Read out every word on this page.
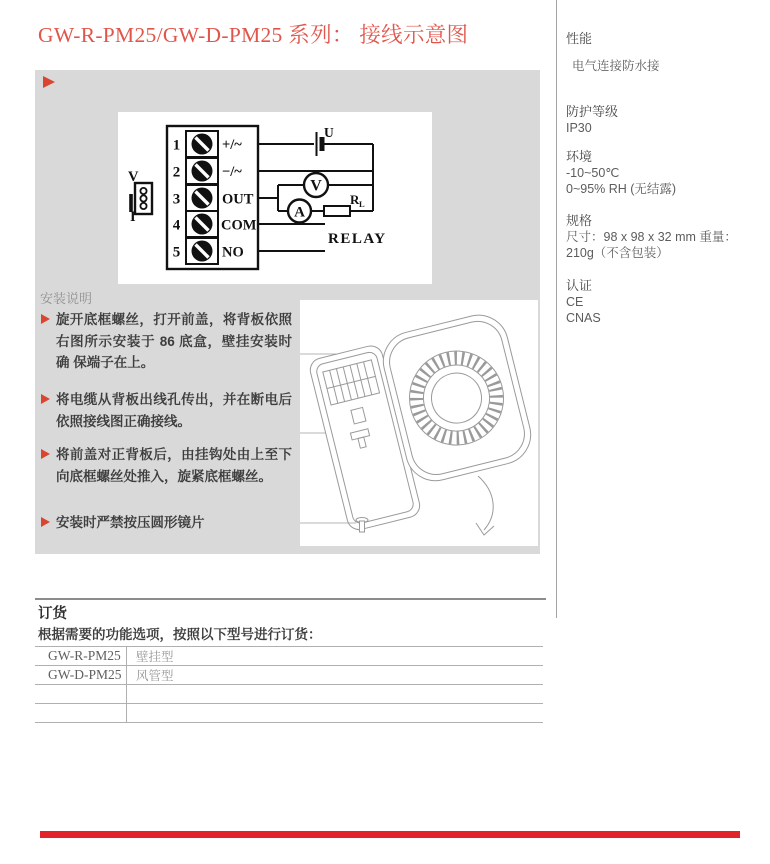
GW-R-PM25/GW-D-PM25 系列： 接线示意图	性能
电气连接防水接
防护等级
IP30
环境
-10~50℃
0~95% RH (无结露)
规格
尺寸：98 x 98 x 32 mm 重量：
210g（不含包装）
认证
CE
CNAS
V
I
1
2
3
4
5
+/~
−/~
OUT
COM
NO
U
V
A
R L
RELAY
安装说明
旋开底框螺丝，打开前盖，将背板依照右图所示安装于 86 底盒，壁挂安装时确 保端子在上。
将电缆从背板出线孔传出，并在断电后依照接线图正确接线。
将前盖对正背板后，由挂钩处由上至下向底框螺丝处推入，旋紧底框螺丝。
安装时严禁按压圆形镜片
订货
根据需要的功能选项，按照以下型号进行订货：
GW-R-PM25	壁挂型
GW-D-PM25	风管型
